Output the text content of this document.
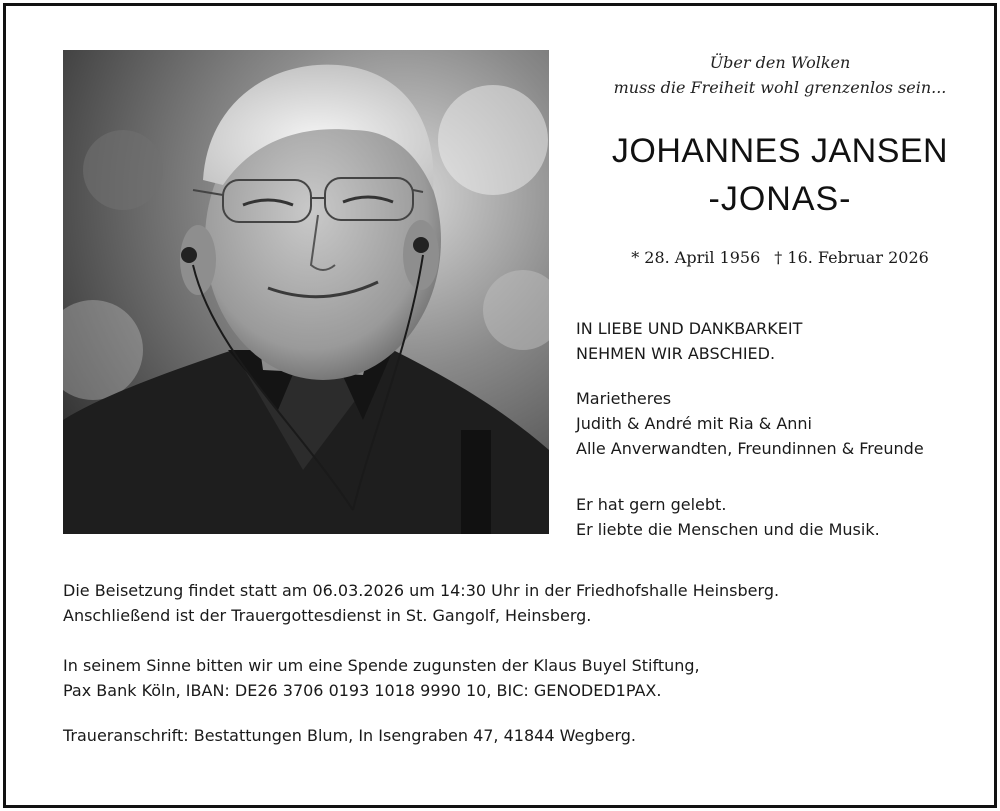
Über den Wolken
muss die Freiheit wohl grenzenlos sein...
JOHANNES JANSEN
-JONAS-
* 28. April 1956 † 16. Februar 2026
IN LIEBE UND DANKBARKEIT
NEHMEN WIR ABSCHIED.
Marietheres
Judith & André mit Ria & Anni
Alle Anverwandten, Freundinnen & Freunde
Er hat gern gelebt.
Er liebte die Menschen und die Musik.
Die Beisetzung findet statt am 06.03.2026 um 14:30 Uhr in der Friedhofshalle Heinsberg.
Anschließend ist der Trauergottesdienst in St. Gangolf, Heinsberg.
In seinem Sinne bitten wir um eine Spende zugunsten der Klaus Buyel Stiftung,
Pax Bank Köln, IBAN: DE26 3706 0193 1018 9990 10, BIC: GENODED1PAX.
Traueranschrift: Bestattungen Blum, In Isengraben 47, 41844 Wegberg.
